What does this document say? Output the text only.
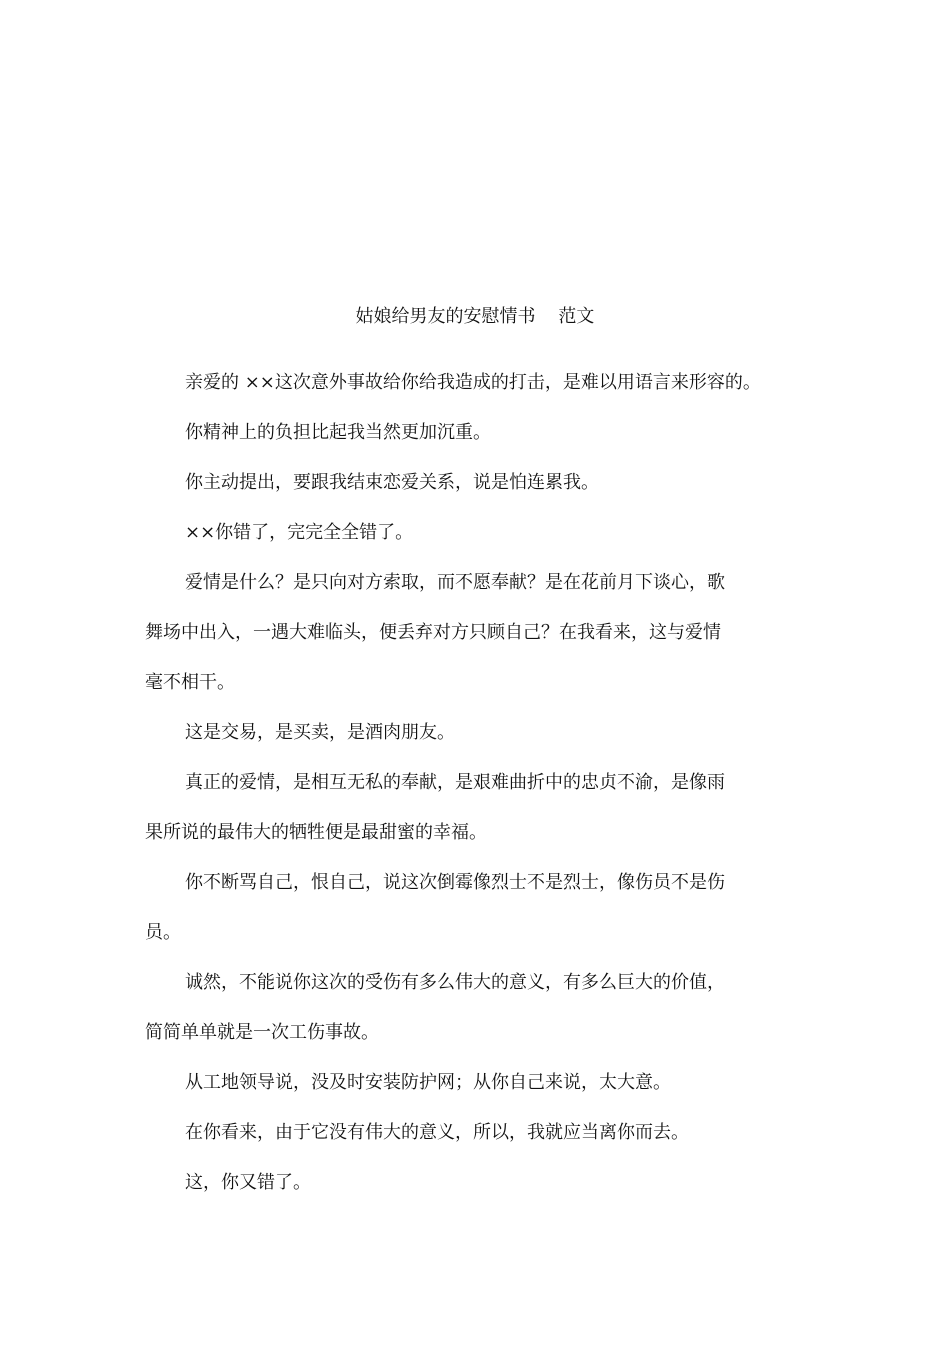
姑娘给男友的安慰情书    范文
亲爱的 ××这次意外事故给你给我造成的打击，是难以用语言来形容的。
你精神上的负担比起我当然更加沉重。
你主动提出，要跟我结束恋爱关系，说是怕连累我。
××你错了，完完全全错了。
爱情是什么？是只向对方索取，而不愿奉献？是在花前月下谈心，歌
舞场中出入，一遇大难临头，便丢弃对方只顾自己？在我看来，这与爱情
毫不相干。
这是交易，是买卖，是酒肉朋友。
真正的爱情，是相互无私的奉献，是艰难曲折中的忠贞不渝，是像雨
果所说的最伟大的牺牲便是最甜蜜的幸福。
你不断骂自己，恨自己，说这次倒霉像烈士不是烈士，像伤员不是伤
员。
诚然，不能说你这次的受伤有多么伟大的意义，有多么巨大的价值，
简简单单就是一次工伤事故。
从工地领导说，没及时安装防护网；从你自己来说，太大意。
在你看来，由于它没有伟大的意义，所以，我就应当离你而去。
这，你又错了。
